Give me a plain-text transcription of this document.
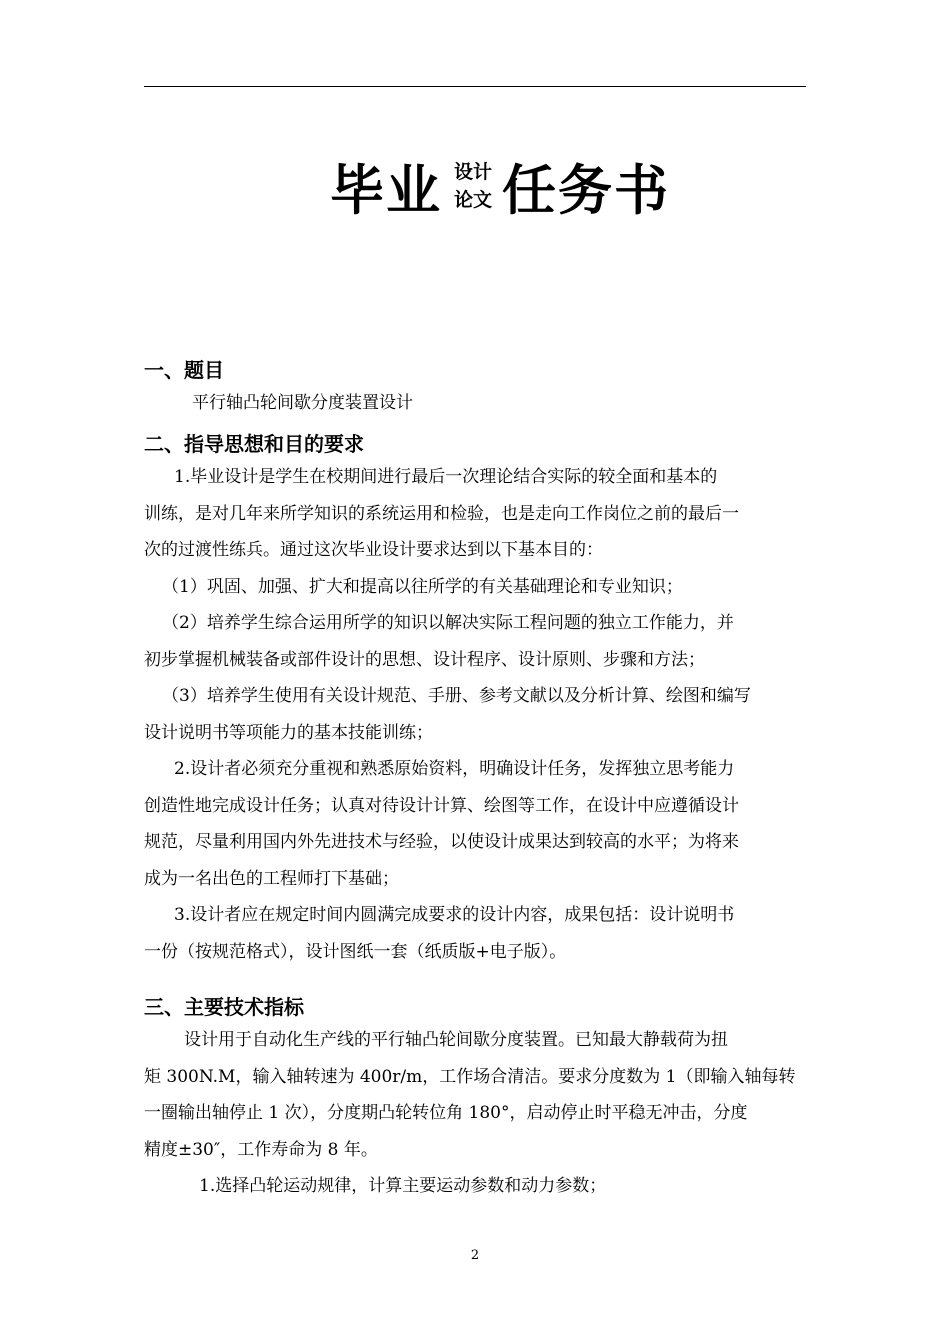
毕业 设计
论文 任务书
一、题目
平行轴凸轮间歇分度装置设计
二、指导思想和目的要求
1.毕业设计是学生在校期间进行最后一次理论结合实际的较全面和基本的
训练，是对几年来所学知识的系统运用和检验，也是走向工作岗位之前的最后一
次的过渡性练兵。通过这次毕业设计要求达到以下基本目的：
（1）巩固、加强、扩大和提高以往所学的有关基础理论和专业知识；
（2）培养学生综合运用所学的知识以解决实际工程问题的独立工作能力，并
初步掌握机械装备或部件设计的思想、设计程序、设计原则、步骤和方法；
（3）培养学生使用有关设计规范、手册、参考文献以及分析计算、绘图和编写
设计说明书等项能力的基本技能训练；
2.设计者必须充分重视和熟悉原始资料，明确设计任务，发挥独立思考能力
创造性地完成设计任务；认真对待设计计算、绘图等工作，在设计中应遵循设计
规范，尽量利用国内外先进技术与经验，以使设计成果达到较高的水平；为将来
成为一名出色的工程师打下基础；
3.设计者应在规定时间内圆满完成要求的设计内容，成果包括：设计说明书
一份（按规范格式），设计图纸一套（纸质版+电子版）。
三、主要技术指标
设计用于自动化生产线的平行轴凸轮间歇分度装置。已知最大静载荷为扭
矩 300N.M，输入轴转速为 400r/m，工作场合清洁。要求分度数为 1（即输入轴每转
一圈输出轴停止 1 次），分度期凸轮转位角 180°，启动停止时平稳无冲击，分度
精度±30″，工作寿命为 8 年。
1.选择凸轮运动规律，计算主要运动参数和动力参数；
2
